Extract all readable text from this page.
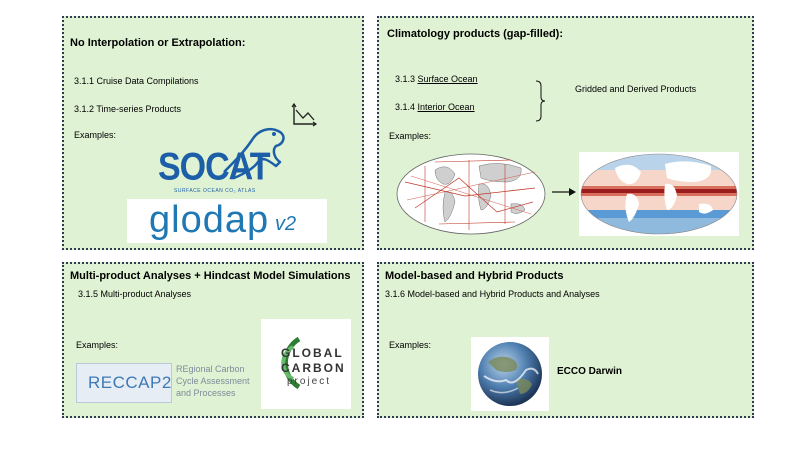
No Interpolation or Extrapolation:
3.1.1 Cruise Data Compilations
3.1.2 Time-series Products
Examples:
SOCAT
SURFACE OCEAN CO₂ ATLAS
glodap v2
Climatology products (gap-filled):
3.1.3 Surface Ocean
3.1.4 Interior Ocean
Gridded and Derived Products
Examples:
Multi-product Analyses + Hindcast Model Simulations
3.1.5 Multi-product Analyses
Examples:
RECCAP2
REgional Carbon
Cycle Assessment
and Processes
GLOBAL
CARBON
project
Model-based and Hybrid Products
3.1.6 Model-based and Hybrid Products and Analyses
Examples:
ECCO Darwin
